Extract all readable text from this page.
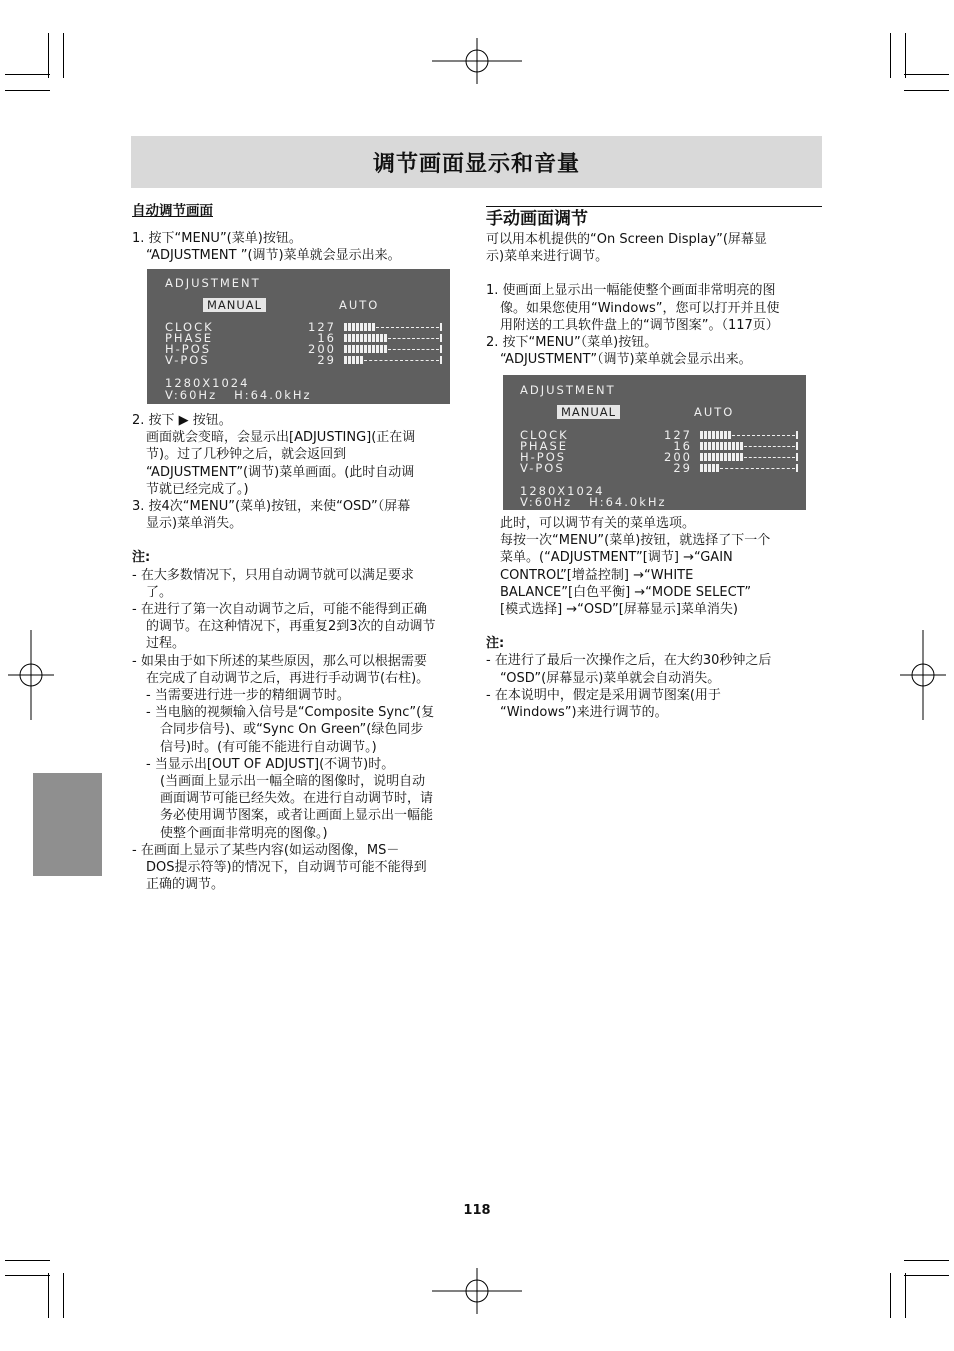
调节画面显示和音量

自动调节画面

1. 按下“MENU”(菜单)按钮。

“ADJUSTMENT ”(调节)菜单就会显示出来。

ADJUSTMENT
MANUAL	AUTO
CLOCK
PHASE
H-POS
V-POS
127
16
200
29
1280X1024
V:60Hz   H:64.0kHz

2. 按下 ▶ 按钮。

画面就会变暗，会显示出[ADJUSTING](正在调

节)。过了几秒钟之后，就会返回到

“ADJUSTMENT”(调节)菜单画面。(此时自动调

节就已经完成了。)

3. 按4次“MENU”(菜单)按钮，来使“OSD”（屏幕

显示)菜单消失。

注:

- 在大多数情况下，只用自动调节就可以满足要求

了。

- 在进行了第一次自动调节之后，可能不能得到正确

的调节。在这种情况下，再重复2到3次的自动调节

过程。

- 如果由于如下所述的某些原因，那么可以根据需要

在完成了自动调节之后，再进行手动调节(右柱)。

- 当需要进行进一步的精细调节时。

- 当电脑的视频输入信号是“Composite Sync”(复

合同步信号)、或“Sync On Green”(绿色同步

信号)时。(有可能不能进行自动调节。)

- 当显示出[OUT OF ADJUST](不调节)时。

(当画面上显示出一幅全暗的图像时，说明自动

画面调节可能已经失效。在进行自动调节时，请

务必使用调节图案，或者让画面上显示出一幅能

使整个画面非常明亮的图像。)

- 在画面上显示了某些内容(如运动图像，MS－

DOS提示符等)的情况下，自动调节可能不能得到

正确的调节。

手动画面调节

可以用本机提供的“On Screen Display”(屏幕显

示)菜单来进行调节。

1. 使画面上显示出一幅能使整个画面非常明亮的图

像。如果您使用“Windows”，您可以打开并且使

用附送的工具软件盘上的“调节图案”。（117页）

2. 按下“MENU”（菜单)按钮。

“ADJUSTMENT”（调节)菜单就会显示出来。

ADJUSTMENT
MANUAL	AUTO
CLOCK
PHASE
H-POS
V-POS
127
16
200
29
1280X1024
V:60Hz   H:64.0kHz

此时，可以调节有关的菜单选项。

每按一次“MENU”(菜单)按钮，就选择了下一个

菜单。(“ADJUSTMENT”[调节] →“GAIN

CONTROL”[增益控制] →“WHITE

BALANCE”[白色平衡] →“MODE SELECT”

[模式选择] →“OSD”[屏幕显示]菜单消失)

注:

- 在进行了最后一次操作之后，在大约30秒钟之后

“OSD”(屏幕显示)菜单就会自动消失。

- 在本说明中，假定是采用调节图案(用于

“Windows”)来进行调节的。

118
